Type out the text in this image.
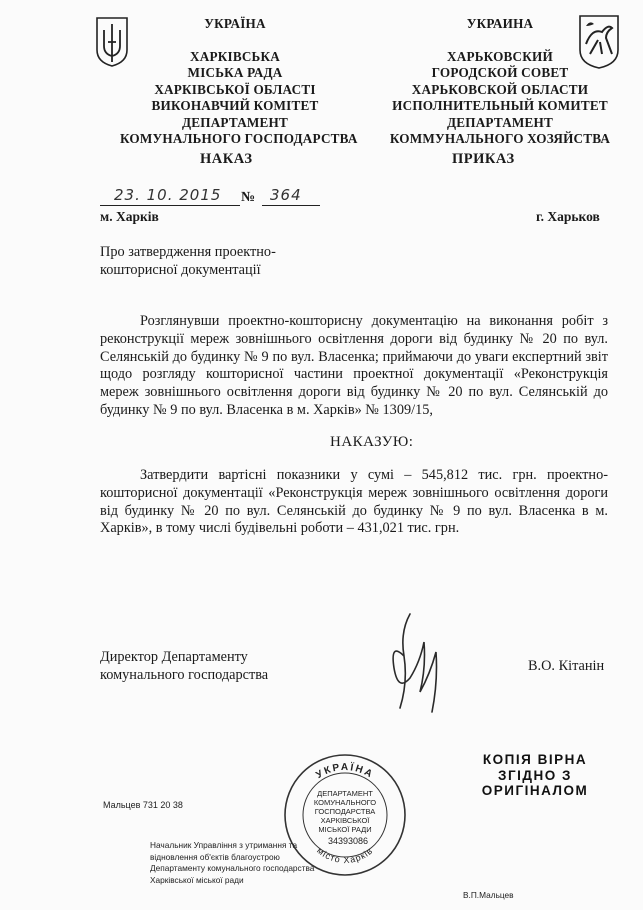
УКРАЇНА
ХАРКІВСЬКА
МІСЬКА РАДА
ХАРКІВСЬКОЇ ОБЛАСТІ
ВИКОНАВЧИЙ КОМІТЕТ
ДЕПАРТАМЕНТ
КОМУНАЛЬНОГО ГОСПОДАРСТВА
УКРАИНА
ХАРЬКОВСКИЙ
ГОРОДСКОЙ СОВЕТ
ХАРЬКОВСКОЙ ОБЛАСТИ
ИСПОЛНИТЕЛЬНЫЙ КОМИТЕТ
ДЕПАРТАМЕНТ
КОММУНАЛЬНОГО ХОЗЯЙСТВА
НАКАЗ	ПРИКАЗ
23. 10. 2015 № 364
м. Харків	г. Харьков
Про затвердження проектно-
кошторисної документації
Розглянувши проектно-кошторисну документацію на виконання робіт з реконструкції мереж зовнішнього освітлення дороги від будинку № 20 по вул. Селянській до будинку № 9 по вул. Власенка; приймаючи до уваги експертний звіт щодо розгляду кошторисної частини проектної документації «Реконструкція мереж зовнішнього освітлення дороги від будинку № 20 по вул. Селянській до будинку № 9 по вул. Власенка в м. Харків» № 1309/15,
НАКАЗУЮ:
Затвердити вартісні показники у сумі – 545,812 тис. грн. проектно-кошторисної документації «Реконструкція мереж зовнішнього освітлення дороги від будинку № 20 по вул. Селянській до будинку № 9 по вул. Власенка в м. Харків», в тому числі будівельні роботи – 431,021 тис. грн.
Директор Департаменту
комунального господарства
В.О. Кітанін
КОПІЯ ВІРНА
ЗГІДНО З
ОРИГІНАЛОМ
УКРАЇНА
місто Харків
ДЕПАРТАМЕНТ
КОМУНАЛЬНОГО
ГОСПОДАРСТВА
ХАРКІВСЬКОЇ
МІСЬКОЇ РАДИ
34393086
Мальцев 731 20 38
Начальник Управління з утримання та
відновлення об'єктів благоустрою
Департаменту комунального господарства
Харківської міської ради
В.П.Мальцев
